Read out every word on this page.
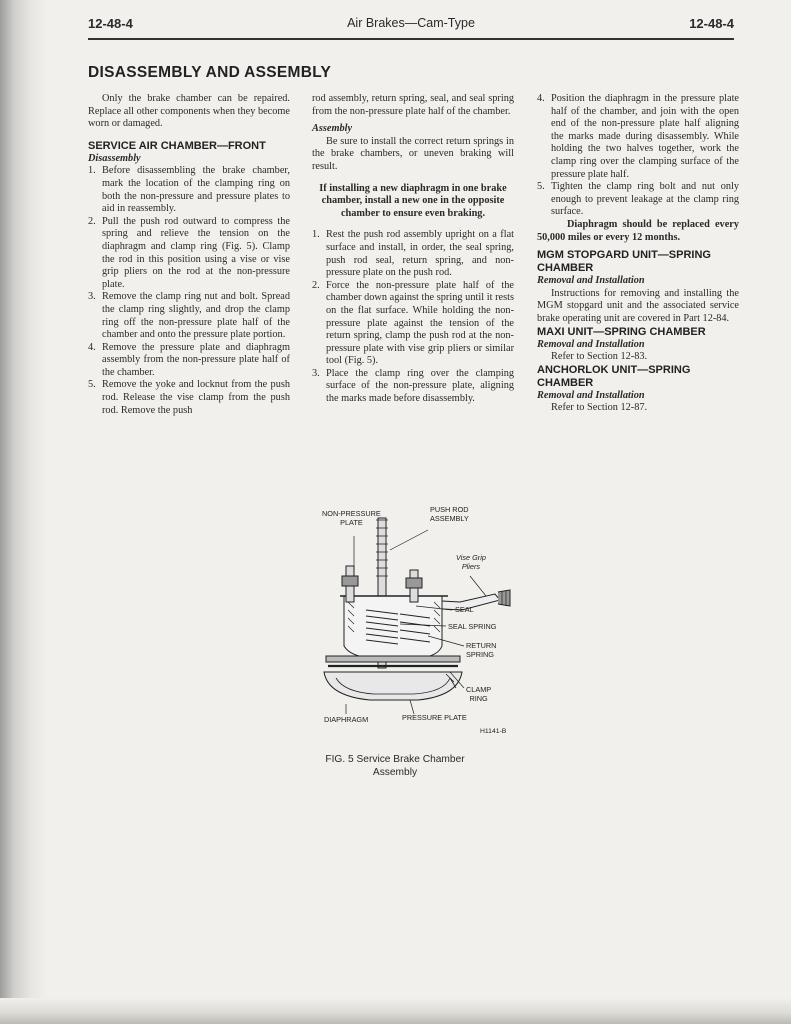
12-48-4	Air Brakes—Cam-Type	12-48-4
DISASSEMBLY AND ASSEMBLY

Only the brake chamber can be repaired. Replace all other components when they become worn or damaged.

SERVICE AIR CHAMBER—FRONT

Disassembly

1. Before disassembling the brake chamber, mark the location of the clamping ring on both the non-pressure and pressure plates to aid in reassembly.
2. Pull the push rod outward to compress the spring and relieve the tension on the diaphragm and clamp ring (Fig. 5). Clamp the rod in this position using a vise or vise grip pliers on the rod at the non-pressure plate.
3. Remove the clamp ring nut and bolt. Spread the clamp ring slightly, and drop the clamp ring off the non-pressure plate half of the chamber and onto the pressure plate portion.
4. Remove the pressure plate and diaphragm assembly from the non-pressure plate half of the chamber.
5. Remove the yoke and locknut from the push rod. Release the vise clamp from the push rod. Remove the push

rod assembly, return spring, seal, and seal spring from the non-pressure plate half of the chamber.

Assembly

Be sure to install the correct return springs in the brake chambers, or uneven braking will result.

If installing a new diaphragm in one brake chamber, install a new one in the opposite chamber to ensure even braking.

1. Rest the push rod assembly upright on a flat surface and install, in order, the seal spring, push rod seal, return spring, and non-pressure plate on the push rod.
2. Force the non-pressure plate half of the chamber down against the spring until it rests on the flat surface. While holding the non-pressure plate against the tension of the return spring, clamp the push rod at the non-pressure plate with vise grip pliers or similar tool (Fig. 5).
3. Place the clamp ring over the clamping surface of the non-pressure plate, aligning the marks made before disassembly.
4. Position the diaphragm in the pressure plate half of the chamber, and join with the open end of the non-pressure plate half aligning the marks made during disassembly. While holding the two halves together, work the clamp ring over the clamping surface of the pressure plate half.
5. Tighten the clamp ring bolt and nut only enough to prevent leakage at the clamp ring surface.

Diaphragm should be replaced every 50,000 miles or every 12 months.

MGM STOPGARD UNIT—SPRING CHAMBER

Removal and Installation

Instructions for removing and installing the MGM stopgard unit and the associated service brake operating unit are covered in Part 12-84.

MAXI UNIT—SPRING CHAMBER

Removal and Installation

Refer to Section 12-83.

ANCHORLOK UNIT—SPRING CHAMBER

Removal and Installation

Refer to Section 12-87.

NON-PRESSURE
PLATE
PUSH ROD
ASSEMBLY
Vise Grip
Pliers
SEAL
SEAL SPRING
RETURN
SPRING
CLAMP
RING
DIAPHRAGM	PRESSURE PLATE
H1141-B
FIG. 5 Service Brake Chamber
Assembly
